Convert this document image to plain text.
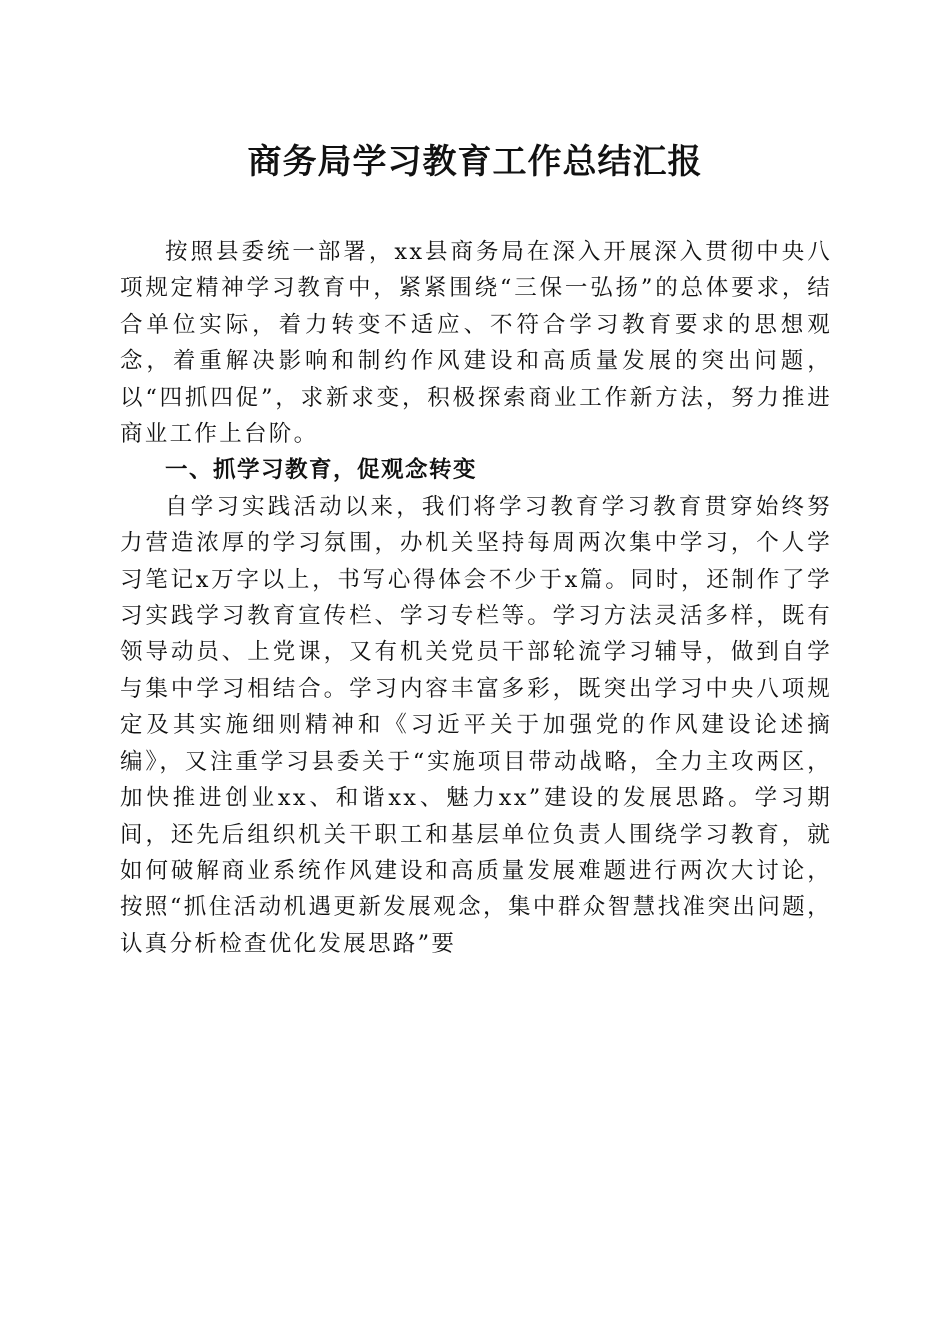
商务局学习教育工作总结汇报

按照县委统一部署，xx县商务局在深入开展深入贯彻中央八项规定精神学习教育中，紧紧围绕“三保一弘扬”的总体要求，结合单位实际，着力转变不适应、不符合学习教育要求的思想观念，着重解决影响和制约作风建设和高质量发展的突出问题，以“四抓四促”，求新求变，积极探索商业工作新方法，努力推进商业工作上台阶。

一、抓学习教育，促观念转变

自学习实践活动以来，我们将学习教育学习教育贯穿始终努力营造浓厚的学习氛围，办机关坚持每周两次集中学习，个人学习笔记x万字以上，书写心得体会不少于x篇。同时，还制作了学习实践学习教育宣传栏、学习专栏等。学习方法灵活多样，既有领导动员、上党课，又有机关党员干部轮流学习辅导，做到自学与集中学习相结合。学习内容丰富多彩，既突出学习中央八项规定及其实施细则精神和《习近平关于加强党的作风建设论述摘编》，又注重学习县委关于“实施项目带动战略，全力主攻两区，加快推进创业xx、和谐xx、魅力xx”建设的发展思路。学习期间，还先后组织机关干职工和基层单位负责人围绕学习教育，就如何破解商业系统作风建设和高质量发展难题进行两次大讨论，按照“抓住活动机遇更新发展观念，集中群众智慧找准突出问题，认真分析检查优化发展思路”要
